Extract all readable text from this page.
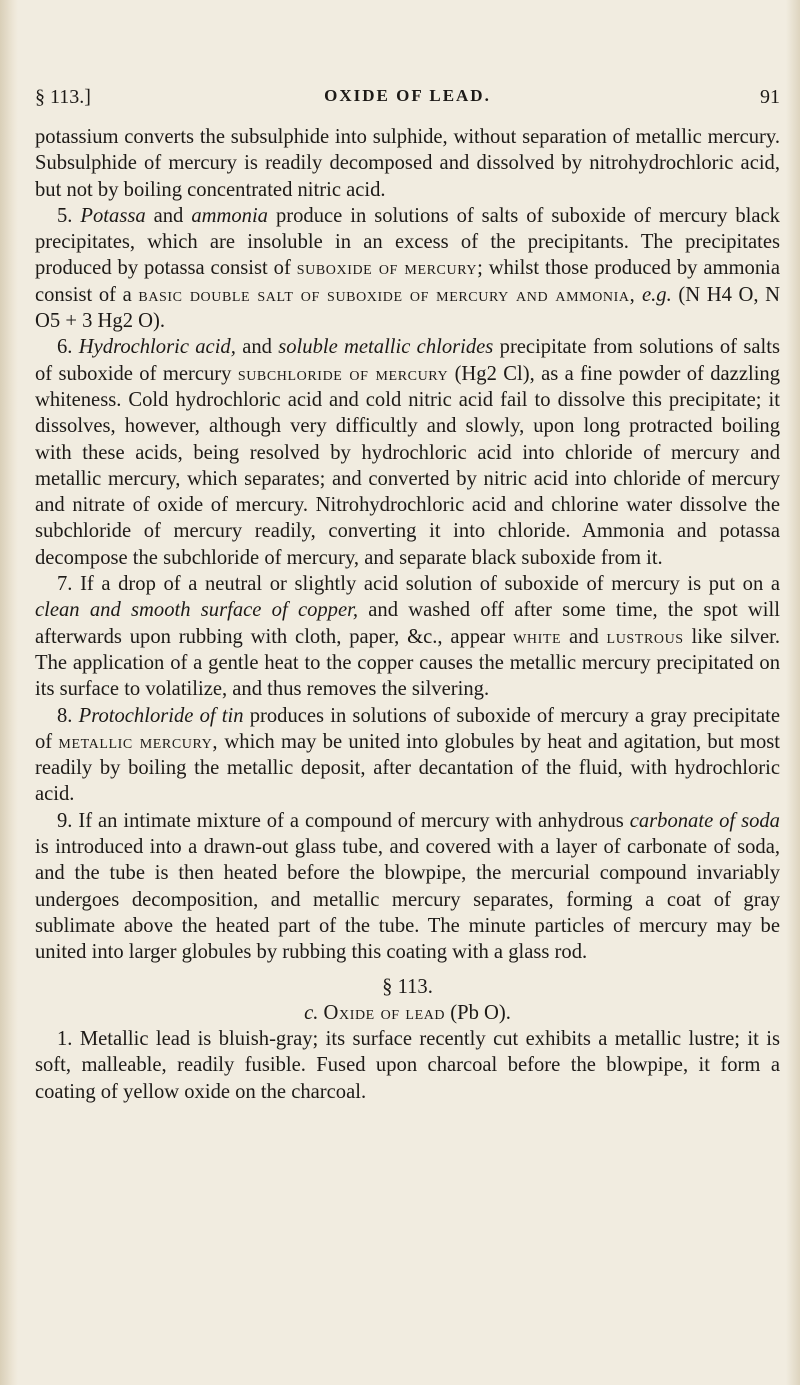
§ 113.]	OXIDE OF LEAD.	91

potassium converts the subsulphide into sulphide, without separation of metallic mercury. Subsulphide of mercury is readily decomposed and dissolved by nitrohydrochloric acid, but not by boiling concentrated nitric acid.

5. Potassa and ammonia produce in solutions of salts of suboxide of mercury black precipitates, which are insoluble in an excess of the precipitants. The precipitates produced by potassa consist of suboxide of mercury; whilst those produced by ammonia consist of a basic double salt of suboxide of mercury and ammonia, e.g. (N H4 O, N O5 + 3 Hg2 O).

6. Hydrochloric acid, and soluble metallic chlorides precipitate from solutions of salts of suboxide of mercury subchloride of mercury (Hg2 Cl), as a fine powder of dazzling whiteness. Cold hydrochloric acid and cold nitric acid fail to dissolve this precipitate; it dissolves, however, although very difficultly and slowly, upon long protracted boiling with these acids, being resolved by hydrochloric acid into chloride of mercury and metallic mercury, which separates; and converted by nitric acid into chloride of mercury and nitrate of oxide of mercury. Nitrohydrochloric acid and chlorine water dissolve the subchloride of mercury readily, converting it into chloride. Ammonia and potassa decompose the subchloride of mercury, and separate black suboxide from it.

7. If a drop of a neutral or slightly acid solution of suboxide of mercury is put on a clean and smooth surface of copper, and washed off after some time, the spot will afterwards upon rubbing with cloth, paper, &c., appear white and lustrous like silver. The application of a gentle heat to the copper causes the metallic mercury precipitated on its surface to volatilize, and thus removes the silvering.

8. Protochloride of tin produces in solutions of suboxide of mercury a gray precipitate of metallic mercury, which may be united into globules by heat and agitation, but most readily by boiling the metallic deposit, after decantation of the fluid, with hydrochloric acid.

9. If an intimate mixture of a compound of mercury with anhydrous carbonate of soda is introduced into a drawn-out glass tube, and covered with a layer of carbonate of soda, and the tube is then heated before the blowpipe, the mercurial compound invariably undergoes decomposition, and metallic mercury separates, forming a coat of gray sublimate above the heated part of the tube. The minute particles of mercury may be united into larger globules by rubbing this coating with a glass rod.

§ 113.

c. Oxide of lead (Pb O).

1. Metallic lead is bluish-gray; its surface recently cut exhibits a metallic lustre; it is soft, malleable, readily fusible. Fused upon charcoal before the blowpipe, it form a coating of yellow oxide on the charcoal.
